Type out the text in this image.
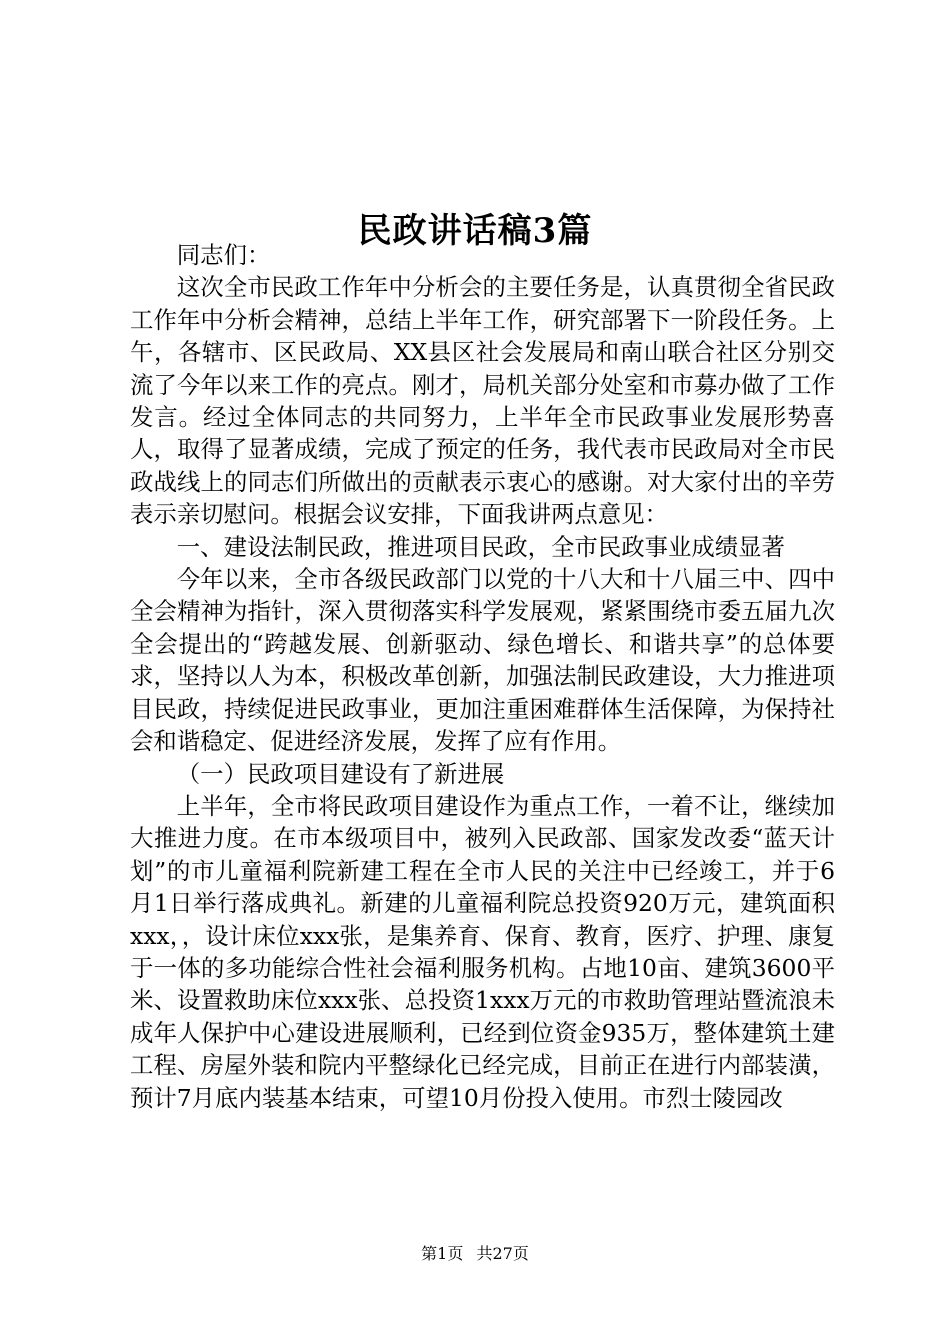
民政讲话稿3篇

同志们：

这次全市民政工作年中分析会的主要任务是，认真贯彻全省民政工作年中分析会精神，总结上半年工作，研究部署下一阶段任务。上午，各辖市、区民政局、XX县区社会发展局和南山联合社区分别交流了今年以来工作的亮点。刚才，局机关部分处室和市募办做了工作发言。经过全体同志的共同努力，上半年全市民政事业发展形势喜人，取得了显著成绩，完成了预定的任务，我代表市民政局对全市民政战线上的同志们所做出的贡献表示衷心的感谢。对大家付出的辛劳表示亲切慰问。根据会议安排，下面我讲两点意见：

一、建设法制民政，推进项目民政，全市民政事业成绩显著

今年以来，全市各级民政部门以党的十八大和十八届三中、四中全会精神为指针，深入贯彻落实科学发展观，紧紧围绕市委五届九次全会提出的“跨越发展、创新驱动、绿色增长、和谐共享”的总体要求，坚持以人为本，积极改革创新，加强法制民政建设，大力推进项目民政，持续促进民政事业，更加注重困难群体生活保障，为保持社会和谐稳定、促进经济发展，发挥了应有作用。

（一）民政项目建设有了新进展

上半年，全市将民政项目建设作为重点工作，一着不让，继续加大推进力度。在市本级项目中，被列入民政部、国家发改委“蓝天计划”的市儿童福利院新建工程在全市人民的关注中已经竣工，并于6月1日举行落成典礼。新建的儿童福利院总投资920万元，建筑面积xxx，，设计床位xxx张，是集养育、保育、教育，医疗、护理、康复于一体的多功能综合性社会福利服务机构。占地10亩、建筑3600平米、设置救助床位xxx张、总投资1xxx万元的市救助管理站暨流浪未成年人保护中心建设进展顺利，已经到位资金935万，整体建筑土建工程、房屋外装和院内平整绿化已经完成，目前正在进行内部装潢，预计7月底内装基本结束，可望10月份投入使用。市烈士陵园改

第1页 共27页
